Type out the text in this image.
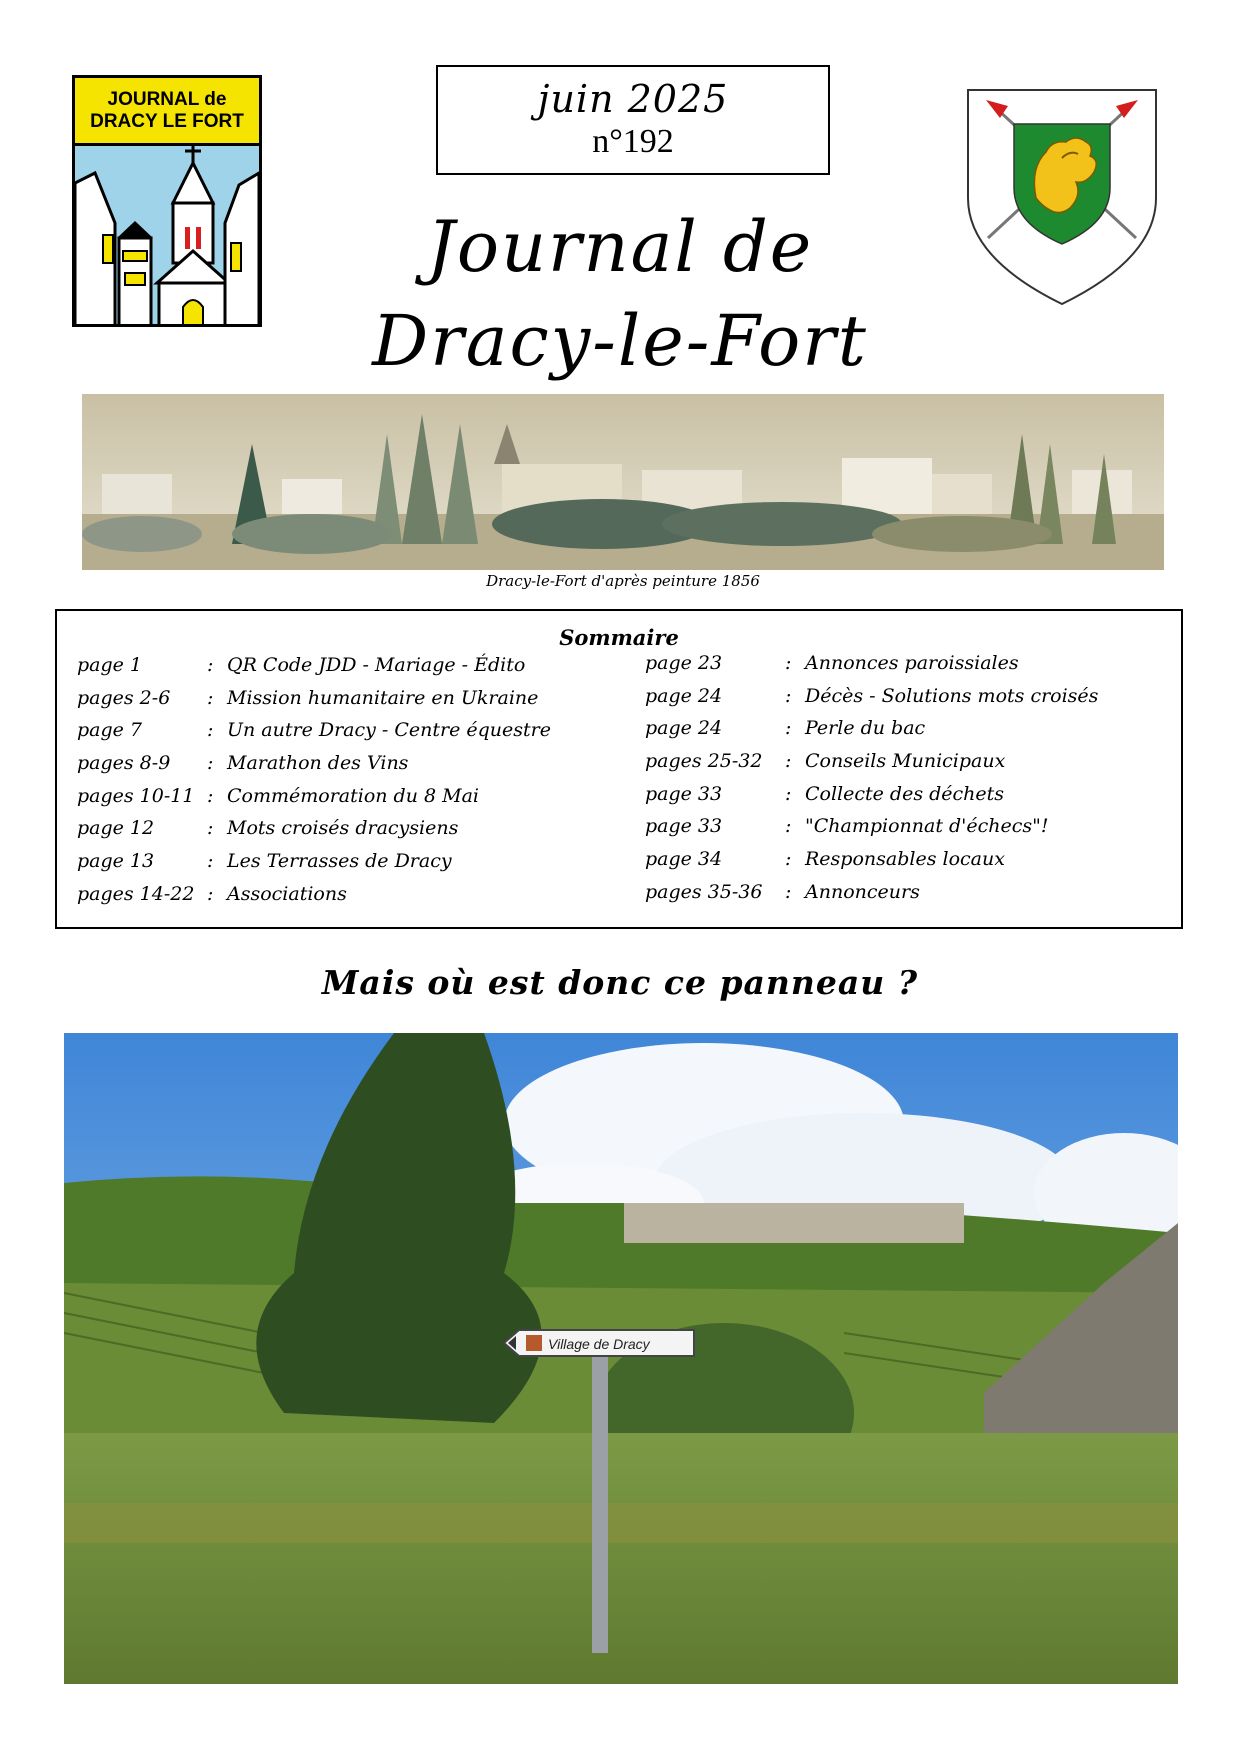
JOURNAL de
DRACY LE FORT	juin 2025
n°192
Journal de
Dracy-le-Fort
Dracy-le-Fort d'après peinture 1856
Sommaire
page 1	: QR Code JDD - Mariage - Édito
pages 2-6	: Mission humanitaire en Ukraine
page 7	: Un autre Dracy - Centre équestre
pages 8-9	: Marathon des Vins
pages 10-11 : Commémoration du 8 Mai
page 12	: Mots croisés dracysiens
page 13	: Les Terrasses de Dracy
pages 14-22 : Associations
page 23	: Annonces paroissiales
page 24	: Décès - Solutions mots croisés
page 24	: Perle du bac
pages 25-32	: Conseils Municipaux
page 33	: Collecte des déchets
page 33	: "Championnat d'échecs"!
page 34	: Responsables locaux
pages 35-36	: Annonceurs
Mais où est donc ce panneau ?
Village de Dracy
